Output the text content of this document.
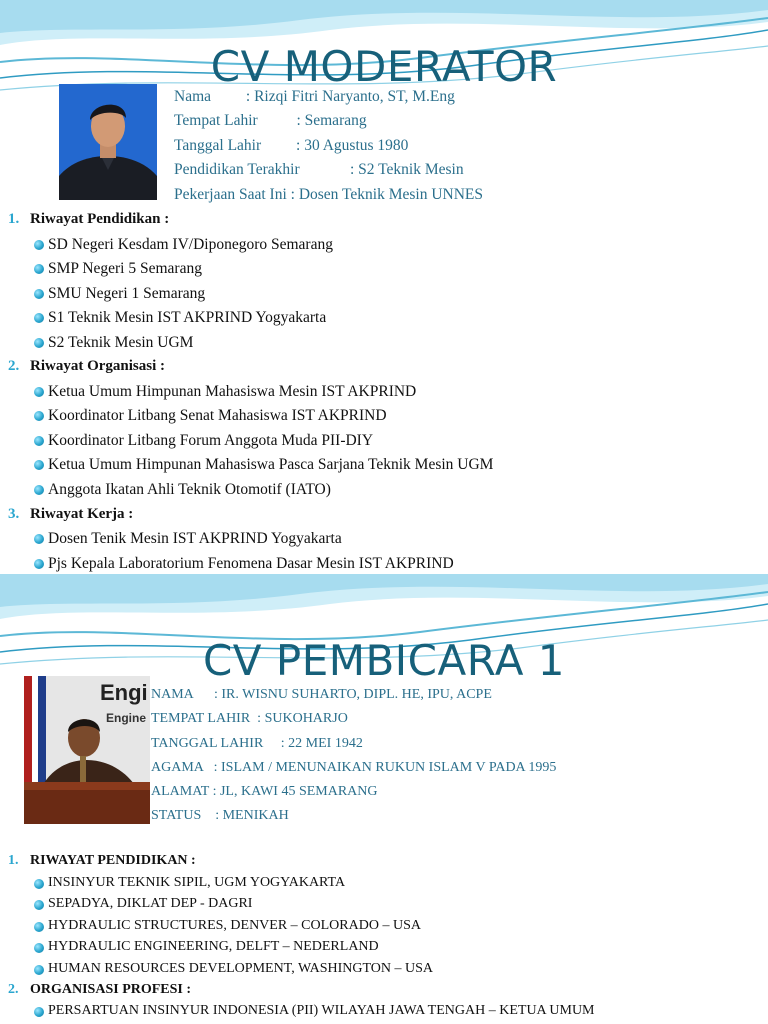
CV MODERATOR
Nama         : Rizqi Fitri Naryanto, ST, M.Eng
Tempat Lahir          : Semarang
Tanggal Lahir         : 30 Agustus 1980
Pendidikan Terakhir             : S2 Teknik Mesin
Pekerjaan Saat Ini : Dosen Teknik Mesin UNNES
1. Riwayat Pendidikan :
SD Negeri Kesdam IV/Diponegoro Semarang
SMP Negeri 5 Semarang
SMU Negeri 1 Semarang
S1 Teknik Mesin IST AKPRIND Yogyakarta
S2 Teknik Mesin UGM
2. Riwayat Organisasi :
Ketua Umum Himpunan Mahasiswa Mesin IST AKPRIND
Koordinator Litbang Senat Mahasiswa IST AKPRIND
Koordinator Litbang Forum Anggota Muda PII-DIY
Ketua Umum Himpunan Mahasiswa Pasca Sarjana Teknik Mesin UGM
Anggota Ikatan Ahli Teknik Otomotif (IATO)
3. Riwayat Kerja :
Dosen Tenik Mesin IST AKPRIND Yogyakarta
Pjs Kepala Laboratorium Fenomena Dasar Mesin IST AKPRIND
CV PEMBICARA 1
Engi
Engine
NAMA      : IR. WISNU SUHARTO, DIPL. HE, IPU, ACPE
TEMPAT LAHIR  : SUKOHARJO
TANGGAL LAHIR     : 22 MEI 1942
AGAMA   : ISLAM / MENUNAIKAN RUKUN ISLAM V PADA 1995
ALAMAT : JL, KAWI 45 SEMARANG
STATUS    : MENIKAH
1. RIWAYAT PENDIDIKAN :
INSINYUR TEKNIK SIPIL, UGM YOGYAKARTA
SEPADYA, DIKLAT DEP - DAGRI
HYDRAULIC STRUCTURES, DENVER – COLORADO – USA
HYDRAULIC ENGINEERING, DELFT – NEDERLAND
HUMAN RESOURCES DEVELOPMENT, WASHINGTON – USA
2. ORGANISASI PROFESI :
PERSARTUAN INSINYUR INDONESIA (PII) WILAYAH JAWA TENGAH – KETUA UMUM
